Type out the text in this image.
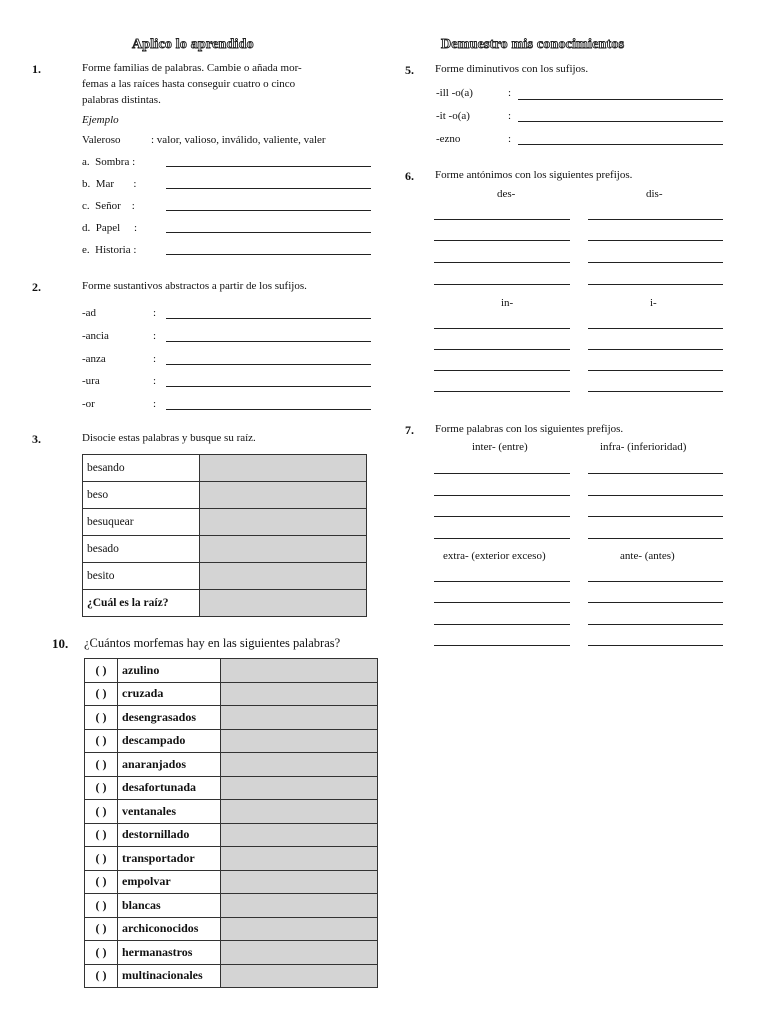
Aplico lo aprendido	Demuestro mis conocimientos
1.	Forme familias de palabras. Cambie o añada mor-
femas a las raíces hasta conseguir cuatro o cinco
palabras distintas.
Ejemplo
Valeroso	: valor, valioso, inválido, valiente, valer
a.  Sombra :
b.  Mar       :
c.  Señor    :
d.  Papel     :
e.  Historia :
2.	Forme sustantivos abstractos a partir de los sufijos.
-ad	:
-ancia	:
-anza	:
-ura	:
-or	:
3.	Disocie estas palabras y busque su raíz.
besando	
beso	
besuquear	
besado	
besito	
¿Cuál es la raíz?	
5. Forme diminutivos con los sufijos.
-ill -o(a)	:
-it -o(a)	:
-ezno	:
6. Forme antónimos con los siguientes prefijos.
des-	dis-
in-	i-
7. Forme palabras con los siguientes prefijos.
inter- (entre)	infra- (inferioridad)
extra- (exterior exceso)	ante- (antes)
10. ¿Cuántos morfemas hay en las siguientes palabras?
( )	azulino	
( )	cruzada	
( )	desengrasados	
( )	descampado	
( )	anaranjados	
( )	desafortunada	
( )	ventanales	
( )	destornillado	
( )	transportador	
( )	empolvar	
( )	blancas	
( )	archiconocidos	
( )	hermanastros	
( )	multinacionales	
